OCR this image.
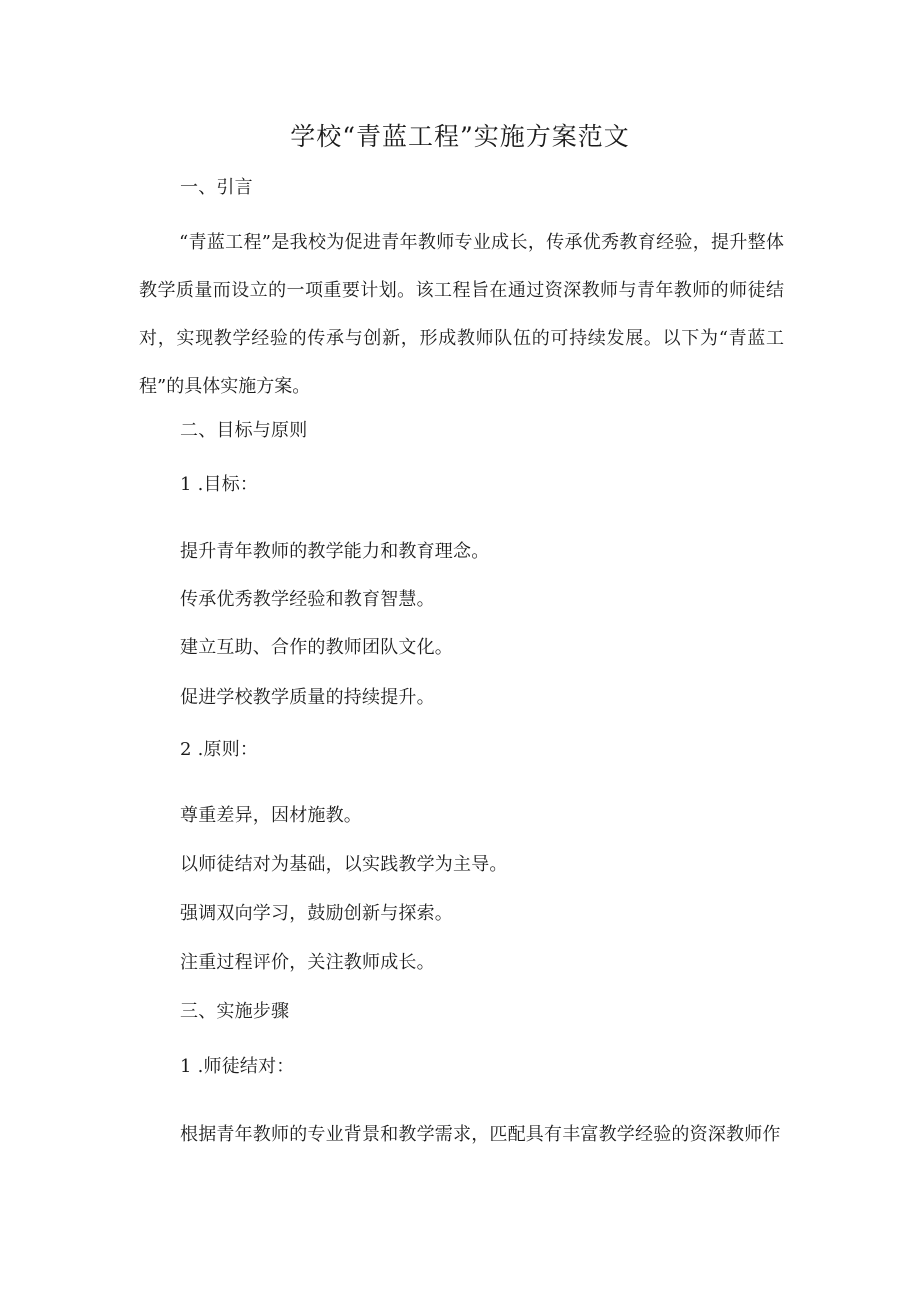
学校“青蓝工程”实施方案范文
一、引言
“青蓝工程”是我校为促进青年教师专业成长，传承优秀教育经验，提升整体教学质量而设立的一项重要计划。该工程旨在通过资深教师与青年教师的师徒结对，实现教学经验的传承与创新，形成教师队伍的可持续发展。以下为“青蓝工程”的具体实施方案。
二、目标与原则
1 .目标：
提升青年教师的教学能力和教育理念。
传承优秀教学经验和教育智慧。
建立互助、合作的教师团队文化。
促进学校教学质量的持续提升。
2 .原则：
尊重差异，因材施教。
以师徒结对为基础，以实践教学为主导。
强调双向学习，鼓励创新与探索。
注重过程评价，关注教师成长。
三、实施步骤
1 .师徒结对：
根据青年教师的专业背景和教学需求，匹配具有丰富教学经验的资深教师作
